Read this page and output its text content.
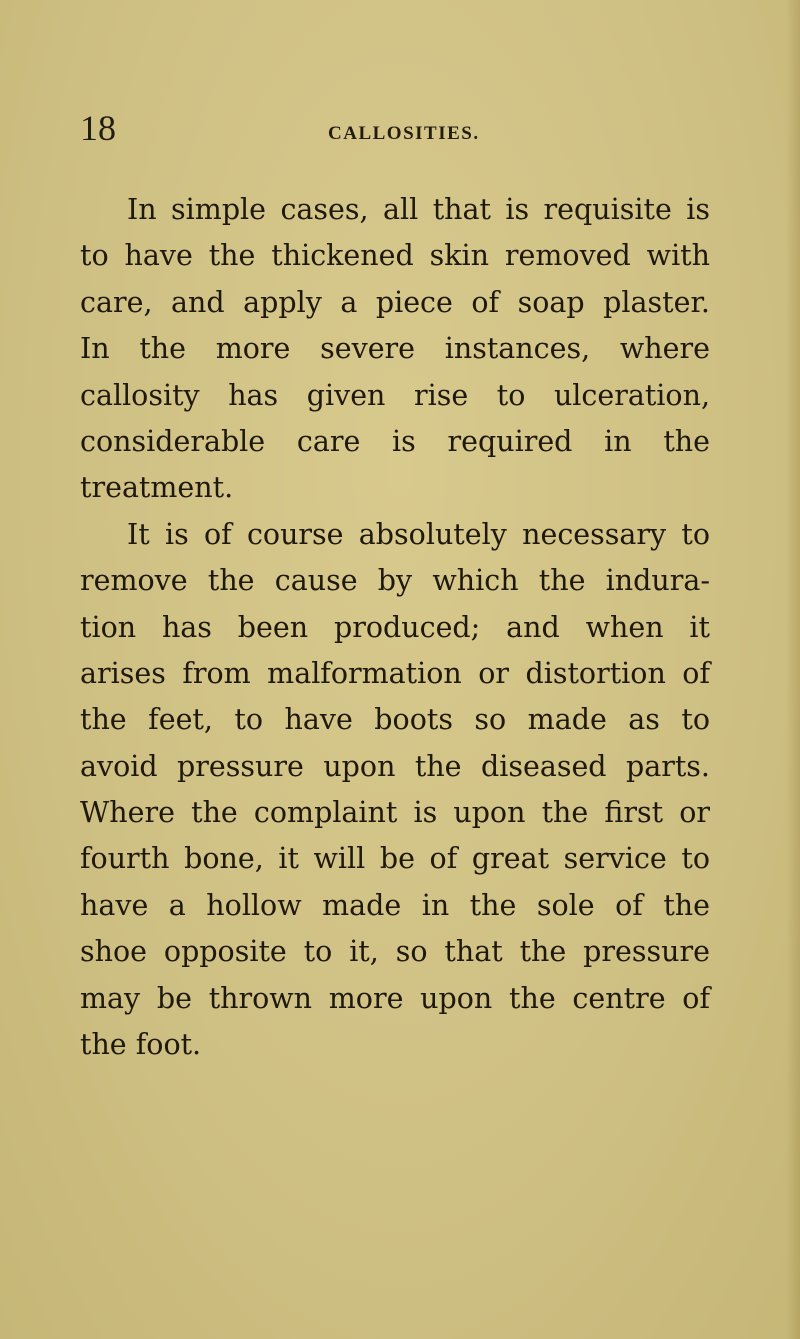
18	CALLOSITIES.
In simple cases, all that is requisite is
to have the thickened skin removed with
care, and apply a piece of soap plaster.
In the more severe instances, where
callosity has given rise to ulceration,
considerable care is required in the
treatment.
It is of course absolutely necessary to
remove the cause by which the indura-
tion has been produced; and when it
arises from malformation or distortion of
the feet, to have boots so made as to
avoid pressure upon the diseased parts.
Where the complaint is upon the first or
fourth bone, it will be of great service to
have a hollow made in the sole of the
shoe opposite to it, so that the pressure
may be thrown more upon the centre of
the foot.
